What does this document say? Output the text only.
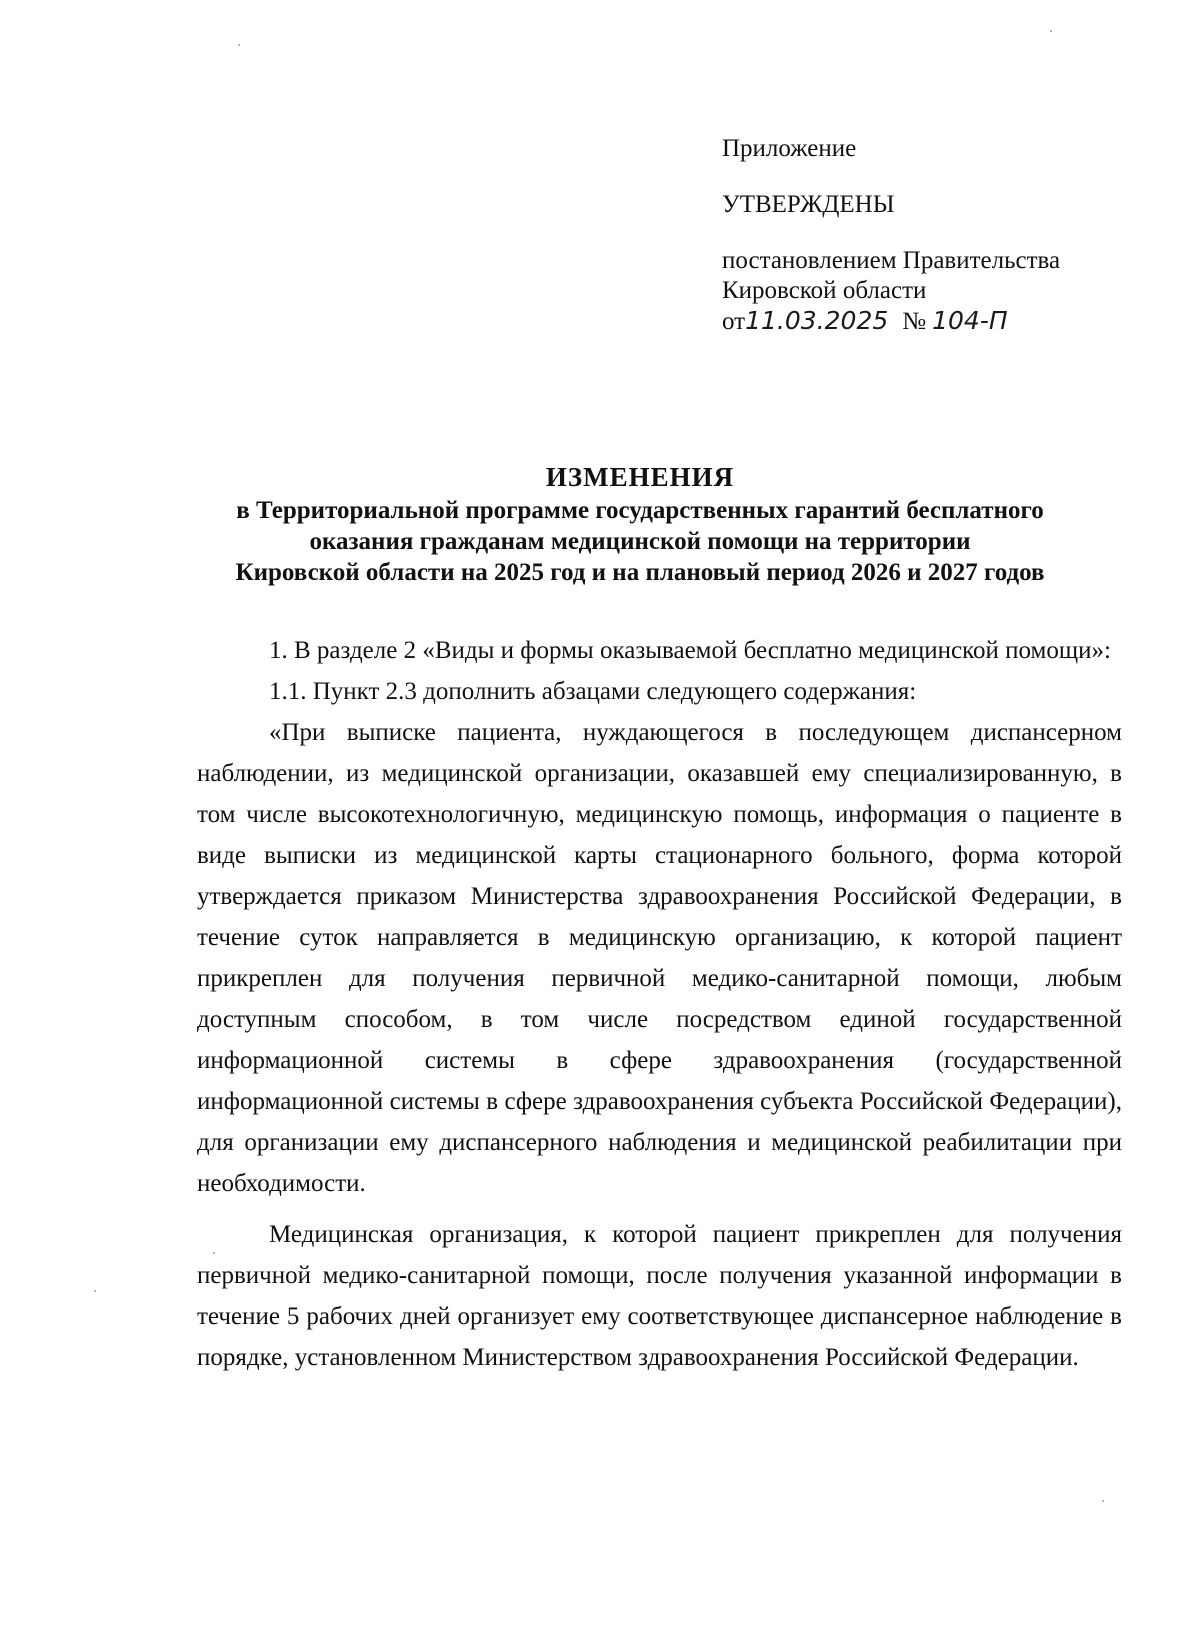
Приложение
УТВЕРЖДЕНЫ
постановлением Правительства
Кировской области
от11.03.2025 № 104-П
ИЗМЕНЕНИЯ
в Территориальной программе государственных гарантий бесплатного
оказания гражданам медицинской помощи на территории
Кировской области на 2025 год и на плановый период 2026 и 2027 годов

1. В разделе 2 «Виды и формы оказываемой бесплатно медицинской помощи»:

1.1. Пункт 2.3 дополнить абзацами следующего содержания:

«При выписке пациента, нуждающегося в последующем диспансерном наблюдении, из медицинской организации, оказавшей ему специализированную, в том числе высокотехнологичную, медицинскую помощь, информация о пациенте в виде выписки из медицинской карты стационарного больного, форма которой утверждается приказом Министерства здравоохранения Российской Федерации, в течение суток направляется в медицинскую организацию, к которой пациент прикреплен для получения первичной медико-санитарной помощи, любым доступным способом, в том числе посредством единой государственной информационной системы в сфере здравоохранения (государственной информационной системы в сфере здравоохранения субъекта Российской Федерации), для организации ему диспансерного наблюдения и медицинской реабилитации при необходимости.

Медицинская организация, к которой пациент прикреплен для получения первичной медико-санитарной помощи, после получения указанной информации в течение 5 рабочих дней организует ему соответствующее диспансерное наблюдение в порядке, установленном Министерством здравоохранения Российской Федерации.
